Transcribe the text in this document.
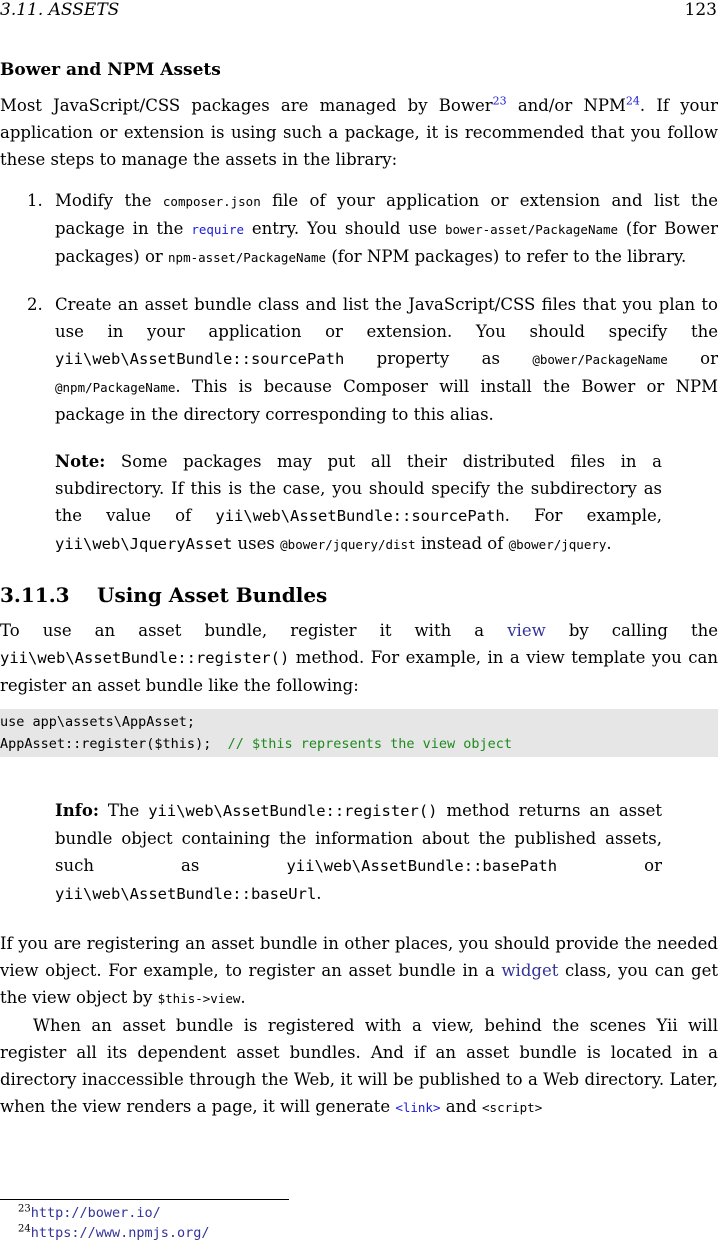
3.11. ASSETS	123
Bower and NPM Assets

Most JavaScript/CSS packages are managed by Bower$^{23}$ and/or NPM$^{24}$. If your application or extension is using such a package, it is recommended that you follow these steps to manage the assets in the library:

1. Modify the composer.json file of your application or extension and list the package in the require entry. You should use bower-asset/PackageName (for Bower packages) or npm-asset/PackageName (for NPM packages) to refer to the library.
2. Create an asset bundle class and list the JavaScript/CSS files that you plan to use in your application or extension. You should specify the yii\web\AssetBundle::sourcePath property as @bower/PackageName or @npm/PackageName. This is because Composer will install the Bower or NPM package in the directory corresponding to this alias.

Note: Some packages may put all their distributed files in a subdirectory. If this is the case, you should specify the subdirectory as the value of yii\web\AssetBundle::sourcePath. For example, yii\web\JqueryAsset uses @bower/jquery/dist instead of @bower/jquery.

3.11.3	Using Asset Bundles

To use an asset bundle, register it with a view by calling the yii\web\AssetBundle::register() method. For example, in a view template you can register an asset bundle like the following:

use app\assets\AppAsset;
AppAsset::register($this);  // $this represents the view object

Info: The yii\web\AssetBundle::register() method returns an asset bundle object containing the information about the published assets, such as yii\web\AssetBundle::basePath or yii\web\AssetBundle::baseUrl.

If you are registering an asset bundle in other places, you should provide the needed view object. For example, to register an asset bundle in a widget class, you can get the view object by $this->view.

When an asset bundle is registered with a view, behind the scenes Yii will register all its dependent asset bundles. And if an asset bundle is located in a directory inaccessible through the Web, it will be published to a Web directory. Later, when the view renders a page, it will generate <link> and <script>

$^{23}$http://bower.io/
$^{24}$https://www.npmjs.org/
